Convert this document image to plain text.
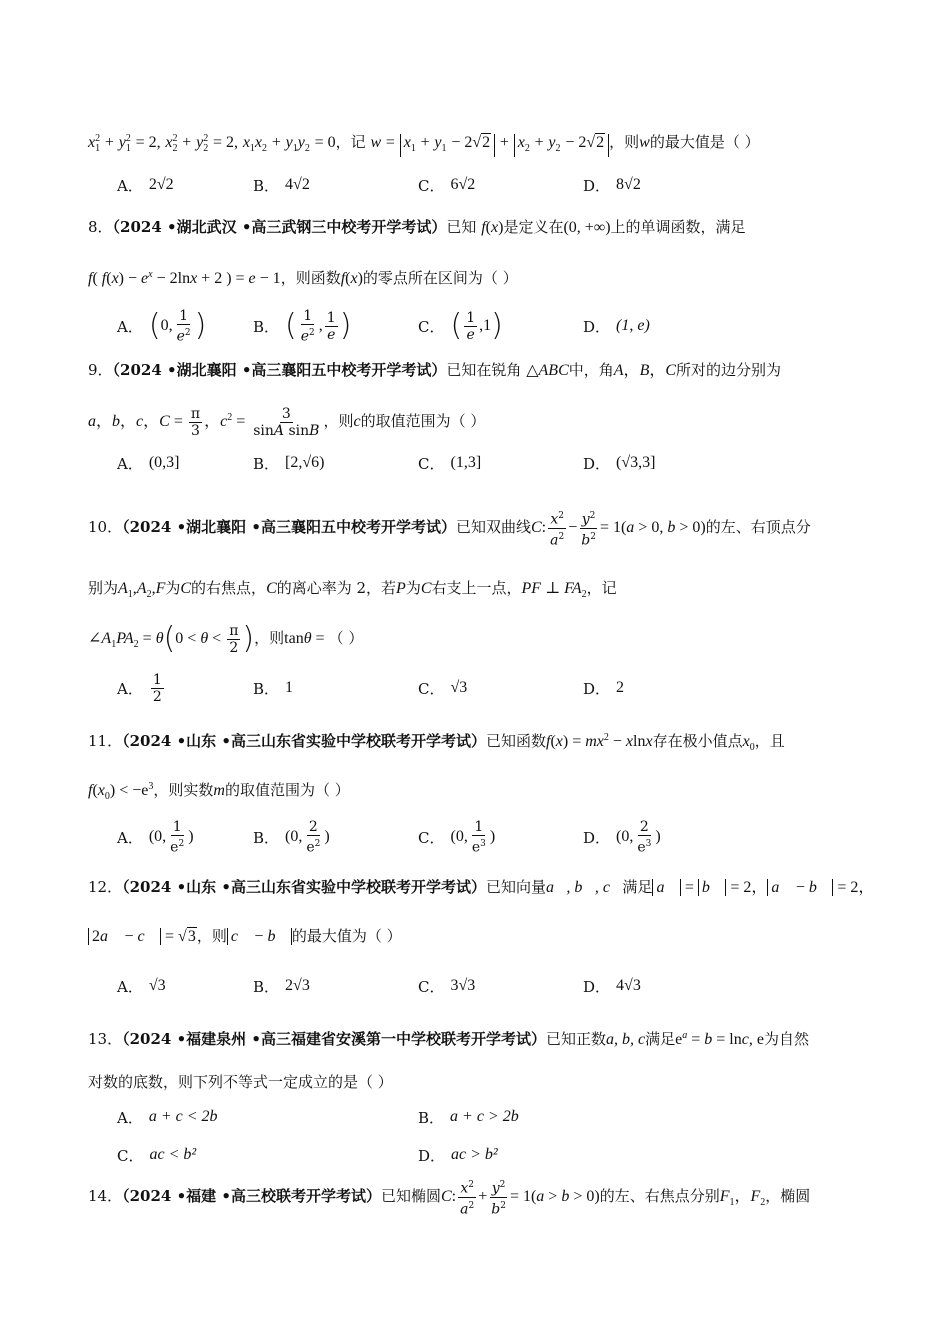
$x_1^2 + y_1^2 = 2$, $x_2^2 + y_2^2 = 2$, $x_1x_2 + y_1y_2 = 0$，记 $w = x_1 + y_1 - 2√2 + x_2 + y_2 - 2√2$ ，则w的最大值是（ ）
A． 2√2	B． 4√2	C． 6√2	D． 8√2
8．（2024 •湖北武汉 •高三武钢三中校考开学考试）已知 f(x)是定义在(0, +∞)上的单调函数，满足
f( $f(x) - e^x - 2\ln x + 2$ ) = e − 1，则函数f(x)的零点所在区间为（ ）
A． ( 0, $\frac{1}{e^2}$ )	B． ( $\frac{1}{e^2}$ , $\frac{1}{e}$ )	C． ( $\frac{1}{e} ,1$ )	D． (1, e)
9．（2024 •湖北襄阳 •高三襄阳五中校考开学考试）已知在锐角 △ABC中，角A，B，C所对的边分别为
a，b，c，$C = \frac{\pi}{3}$ ，$c^2 = \frac{3}{\text{sinA sinB}}$ ，则c的取值范围为（ ）
A． (0,3]	B． [2,√6)	C． (1,3]	D． (√3,3]
10．（2024 •湖北襄阳 •高三襄阳五中校考开学考试）已知双曲线C: $\frac{x^2}{a^2} - \frac{y^2}{b^2} = 1(a > 0$, b > 0)的左、右顶点分
别为$A_1,A_2,F$为C的右焦点，C的离心率为 2，若P为C右支上一点，PF ⊥ $FA_2$，记
$\angle A_1PA_2 = \theta(0 < \theta < \frac{\pi}{2}$ )，则tanθ = （ ）
A． $\frac{1}{2}$	B． 1	C． √3	D． 2
11．（2024 •山东 •高三山东省实验中学校联考开学考试）已知函数$f(x) = mx^2 - xlnx$存在极小值点$x_0$，且
$f(x_0) < -e^3$，则实数m的取值范围为（ ）
A． (0, $\frac{1}{e^2}$ )	B． (0, $\frac{2}{e^2}$ )	C． (0, $\frac{1}{e^3}$ )	D． (0, $\frac{2}{e^3}$ )
12．（2024 •山东 •高三山东省实验中学校联考开学考试）已知向量a⃗, b⃗, c⃗满足 a⃗ = b⃗ = 2， a⃗ − b⃗ = 2，
2a⃗ − c⃗ = √3，则 c⃗ − b⃗ 的最大值为（ ）
A． √3	B． 2√3	C． 3√3	D． 4√3
13．（2024 •福建泉州 •高三福建省安溪第一中学校联考开学考试）已知正数a, b, c满足$e^a = b = \ln c$, e为自然
对数的底数，则下列不等式一定成立的是（ ）
A． a + c < 2b	B． a + c > 2b
C． ac < b²	D． ac > b²
14．（2024 •福建 •高三校联考开学考试）已知椭圆C: $\frac{x^2}{a^2} + \frac{y^2}{b^2} = 1(a > b > 0)$的左、右焦点分别$F_1$，$F_2$，椭圆
